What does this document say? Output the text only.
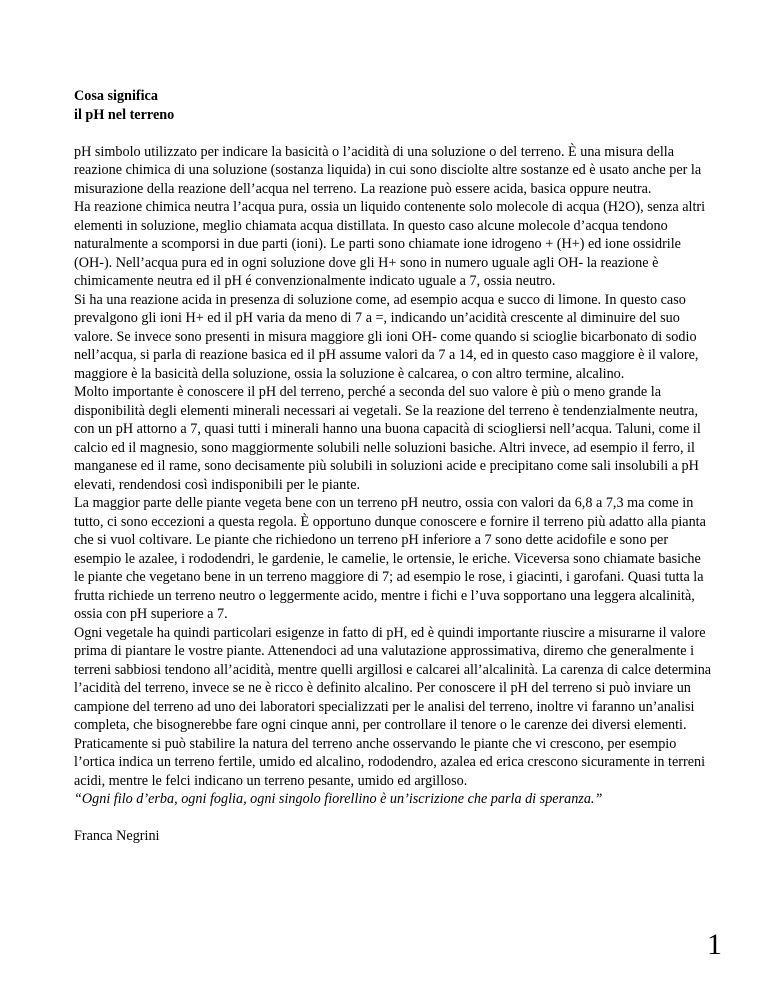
Cosa significa

il pH nel terreno

pH simbolo utilizzato per indicare la basicità o l’acidità di una soluzione o del terreno. È una misura della reazione chimica di una soluzione (sostanza liquida) in cui sono disciolte altre sostanze ed è usato anche per la misurazione della reazione dell’acqua nel terreno. La reazione può essere acida, basica oppure neutra.

Ha reazione chimica neutra l’acqua pura, ossia un liquido contenente solo molecole di acqua (H2O), senza altri elementi in soluzione, meglio chiamata acqua distillata. In questo caso alcune molecole d’acqua tendono naturalmente a scomporsi in due parti (ioni). Le parti sono chiamate ione idrogeno + (H+) ed ione ossidrile (OH-). Nell’acqua pura ed in ogni soluzione dove gli H+ sono in numero uguale agli OH- la reazione è chimicamente neutra ed il pH é convenzionalmente indicato uguale a 7, ossia neutro.

Si ha una reazione acida in presenza di soluzione come, ad esempio acqua e succo di limone. In questo caso prevalgono gli ioni H+ ed il pH varia da meno di 7 a =, indicando un’acidità crescente al diminuire del suo valore. Se invece sono presenti in misura maggiore gli ioni OH- come quando si scioglie bicarbonato di sodio nell’acqua, si parla di reazione basica ed il pH assume valori da 7 a 14, ed in questo caso maggiore è il valore, maggiore è la basicità della soluzione, ossia la soluzione è calcarea, o con altro termine, alcalino.

Molto importante è conoscere il pH del terreno, perché a seconda del suo valore è più o meno grande la disponibilità degli elementi minerali necessari ai vegetali. Se la reazione del terreno è tendenzialmente neutra, con un pH attorno a 7, quasi tutti i minerali hanno una buona capacità di sciogliersi nell’acqua. Taluni, come il calcio ed il magnesio, sono maggiormente solubili nelle soluzioni basiche. Altri invece, ad esempio il ferro, il manganese ed il rame, sono decisamente più solubili in soluzioni acide e precipitano come sali insolubili a pH elevati, rendendosi così indisponibili per le piante.

La maggior parte delle piante vegeta bene con un terreno pH neutro, ossia con valori da 6,8 a 7,3 ma come in tutto, ci sono eccezioni a questa regola. È opportuno dunque conoscere e fornire il terreno più adatto alla pianta che si vuol coltivare. Le piante che richiedono un terreno pH inferiore a 7 sono dette acidofile e sono per esempio le azalee, i rododendri, le gardenie, le camelie, le ortensie, le eriche. Viceversa sono chiamate basiche le piante che vegetano bene in un terreno maggiore di 7; ad esempio le rose, i giacinti, i garofani. Quasi tutta la frutta richiede un terreno neutro o leggermente acido, mentre i fichi e l’uva sopportano una leggera alcalinità, ossia con pH superiore a 7.

Ogni vegetale ha quindi particolari esigenze in fatto di pH, ed è quindi importante riuscire a misurarne il valore prima di piantare le vostre piante. Attenendoci ad una valutazione approssimativa, diremo che generalmente i terreni sabbiosi tendono all’acidità, mentre quelli argillosi e calcarei all’alcalinità. La carenza di calce determina l’acidità del terreno, invece se ne è ricco è definito alcalino. Per conoscere il pH del terreno si può inviare un campione del terreno ad uno dei laboratori specializzati per le analisi del terreno, inoltre vi faranno un’analisi completa, che bisognerebbe fare ogni cinque anni, per controllare il tenore o le carenze dei diversi elementi.

Praticamente si può stabilire la natura del terreno anche osservando le piante che vi crescono, per esempio l’ortica indica un terreno fertile, umido ed alcalino, rododendro, azalea ed erica crescono sicuramente in terreni acidi, mentre le felci indicano un terreno pesante, umido ed argilloso.

“Ogni filo d’erba, ogni foglia, ogni singolo fiorellino è un’iscrizione che parla di speranza.”

Franca Negrini

1
